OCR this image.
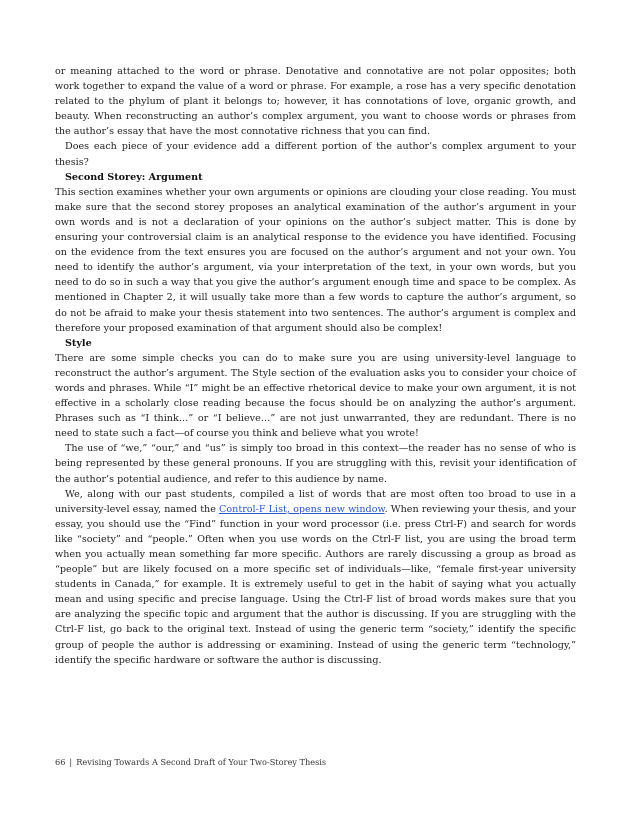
or meaning attached to the word or phrase. Denotative and connotative are not polar opposites; both work together to expand the value of a word or phrase. For example, a rose has a very specific denotation related to the phylum of plant it belongs to; however, it has connotations of love, organic growth, and beauty. When reconstructing an author’s complex argument, you want to choose words or phrases from the author’s essay that have the most connotative richness that you can find.

Does each piece of your evidence add a different portion of the author’s complex argument to your thesis?

Second Storey: Argument

This section examines whether your own arguments or opinions are clouding your close reading. You must make sure that the second storey proposes an analytical examination of the author’s argument in your own words and is not a declaration of your opinions on the author’s subject matter. This is done by ensuring your controversial claim is an analytical response to the evidence you have identified. Focusing on the evidence from the text ensures you are focused on the author’s argument and not your own. You need to identify the author’s argument, via your interpretation of the text, in your own words, but you need to do so in such a way that you give the author’s argument enough time and space to be complex. As mentioned in Chapter 2, it will usually take more than a few words to capture the author’s argument, so do not be afraid to make your thesis statement into two sentences. The author’s argument is complex and therefore your proposed examination of that argument should also be complex!

Style

There are some simple checks you can do to make sure you are using university-level language to reconstruct the author’s argument. The Style section of the evaluation asks you to consider your choice of words and phrases. While “I” might be an effective rhetorical device to make your own argument, it is not effective in a scholarly close reading because the focus should be on analyzing the author’s argument. Phrases such as “I think…” or “I believe…” are not just unwarranted, they are redundant. There is no need to state such a fact—of course you think and believe what you wrote!

The use of “we,” “our,” and “us” is simply too broad in this context—the reader has no sense of who is being represented by these general pronouns. If you are struggling with this, revisit your identification of the author’s potential audience, and refer to this audience by name.

We, along with our past students, compiled a list of words that are most often too broad to use in a university-level essay, named the Control-F List, opens new window. When reviewing your thesis, and your essay, you should use the “Find” function in your word processor (i.e. press Ctrl-F) and search for words like “society” and “people.” Often when you use words on the Ctrl-F list, you are using the broad term when you actually mean something far more specific. Authors are rarely discussing a group as broad as “people” but are likely focused on a more specific set of individuals—like, “female first-year university students in Canada,” for example. It is extremely useful to get in the habit of saying what you actually mean and using specific and precise language. Using the Ctrl-F list of broad words makes sure that you are analyzing the specific topic and argument that the author is discussing. If you are struggling with the Ctrl-F list, go back to the original text. Instead of using the generic term “society,” identify the specific group of people the author is addressing or examining. Instead of using the generic term “technology,” identify the specific hardware or software the author is discussing.

66 | Revising Towards A Second Draft of Your Two-Storey Thesis
